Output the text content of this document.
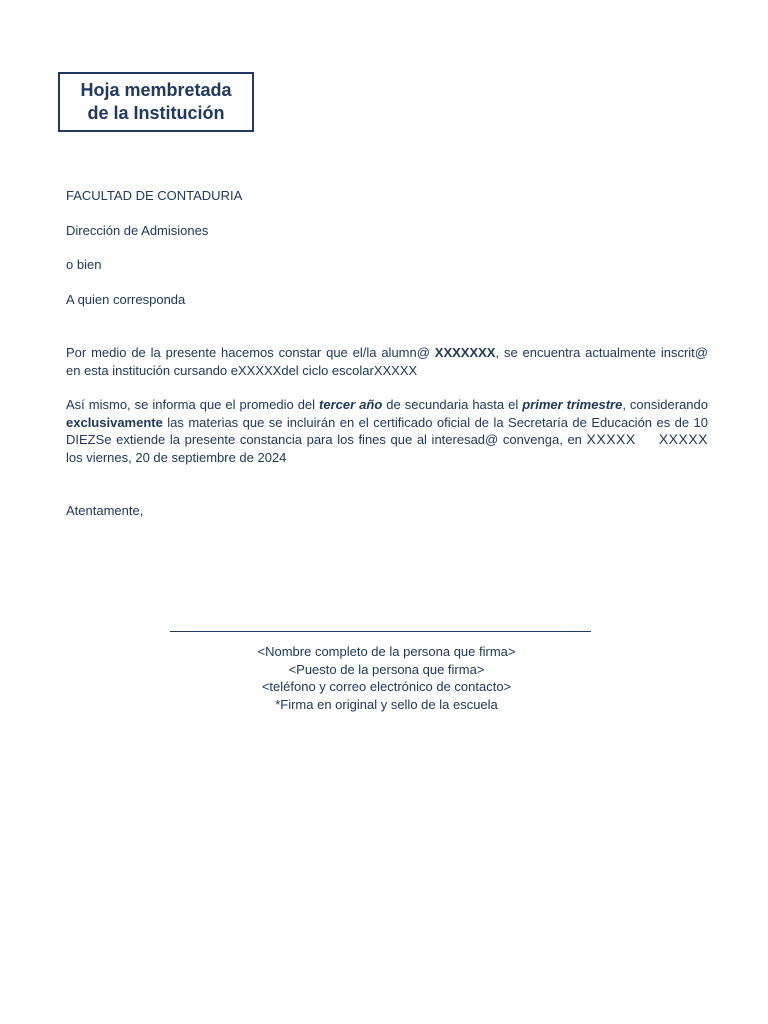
Hoja membretada
de la Institución
FACULTAD DE CONTADURIA
Dirección de Admisiones
o bien
A quien corresponda
Por medio de la presente hacemos constar que el/la alumn@ XXXXXXX, se encuentra actualmente inscrit@ en esta institución cursando eXXXXXdel ciclo escolarXXXXX
Así mismo, se informa que el promedio del tercer año de secundaria hasta el primer trimestre, considerando exclusivamente las materias que se incluirán en el certificado oficial de la Secretaría de Educación es de 10 DIEZSe extiende la presente constancia para los fines que al interesad@ convenga, en XXXXX XXXXX los viernes, 20 de septiembre de 2024
Atentamente,
<Nombre completo de la persona que firma>
<Puesto de la persona que firma>
<teléfono y correo electrónico de contacto>
*Firma en original y sello de la escuela
